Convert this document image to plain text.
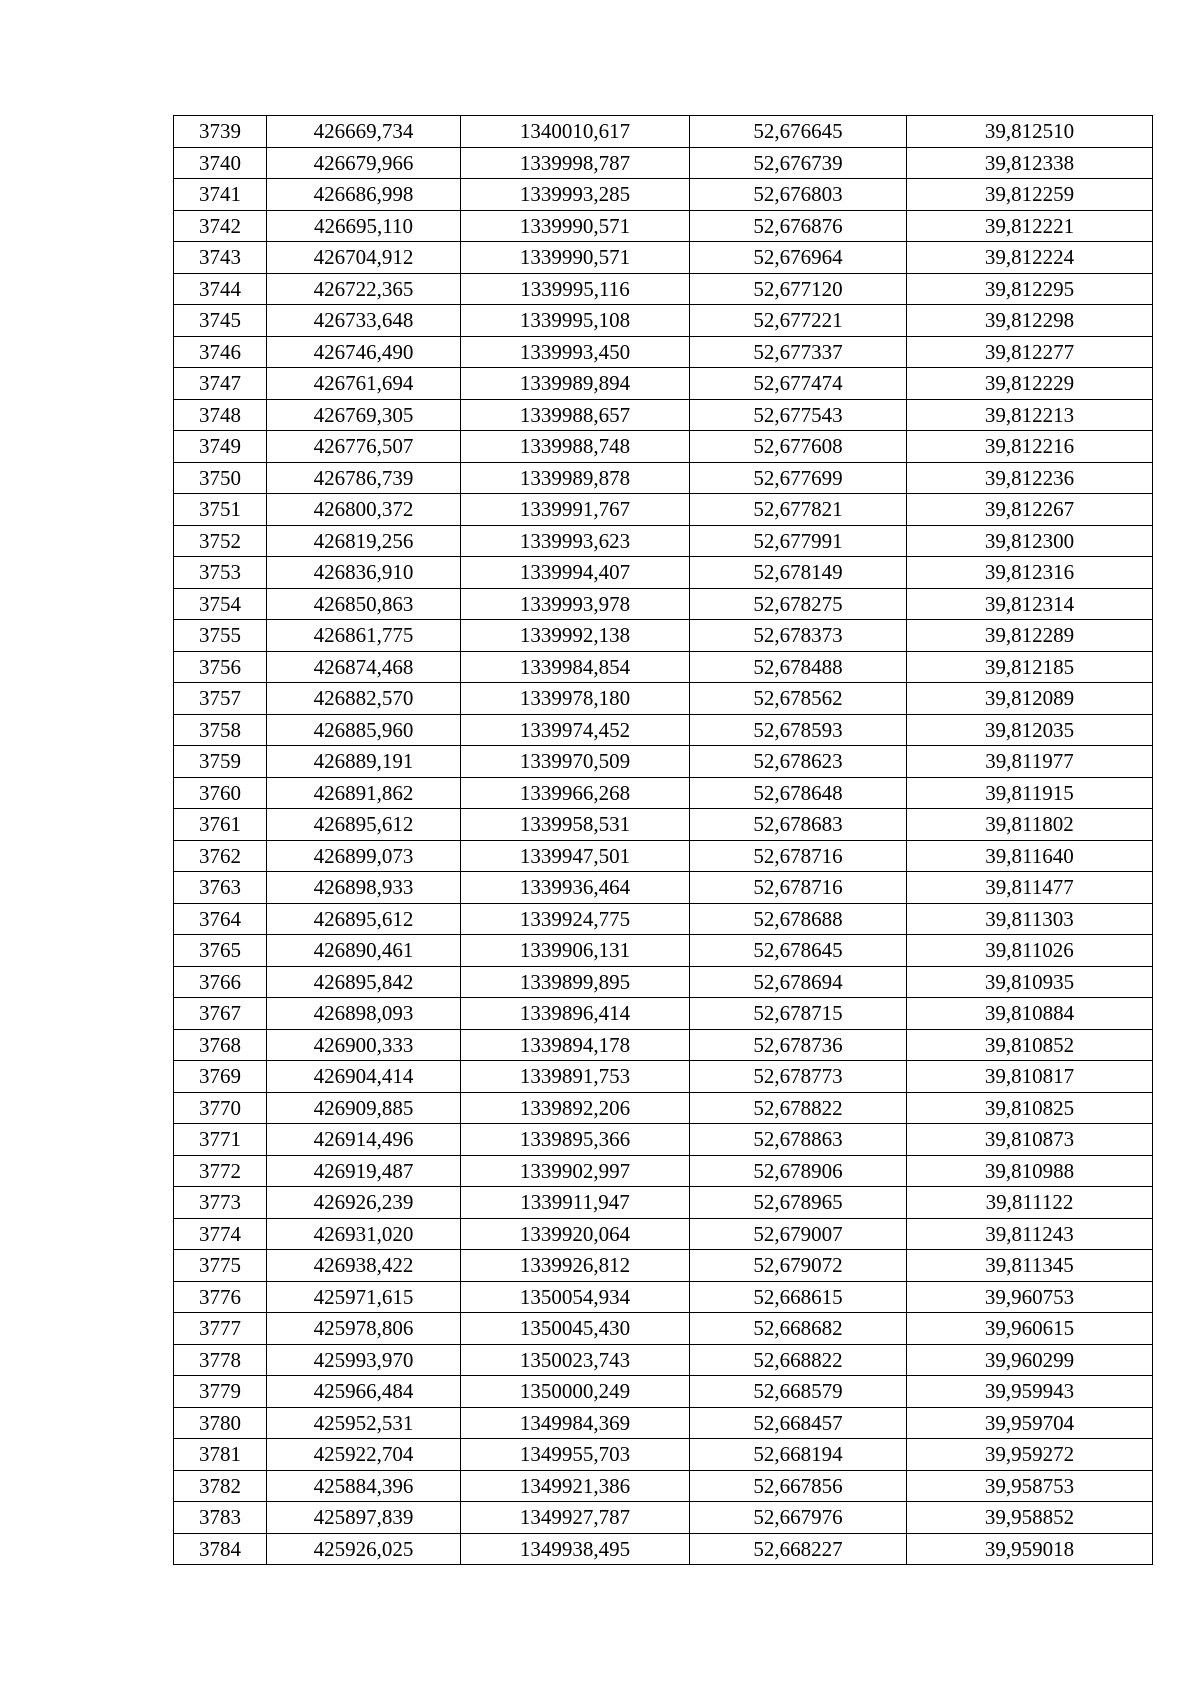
3739	426669,734	1340010,617	52,676645	39,812510
3740	426679,966	1339998,787	52,676739	39,812338
3741	426686,998	1339993,285	52,676803	39,812259
3742	426695,110	1339990,571	52,676876	39,812221
3743	426704,912	1339990,571	52,676964	39,812224
3744	426722,365	1339995,116	52,677120	39,812295
3745	426733,648	1339995,108	52,677221	39,812298
3746	426746,490	1339993,450	52,677337	39,812277
3747	426761,694	1339989,894	52,677474	39,812229
3748	426769,305	1339988,657	52,677543	39,812213
3749	426776,507	1339988,748	52,677608	39,812216
3750	426786,739	1339989,878	52,677699	39,812236
3751	426800,372	1339991,767	52,677821	39,812267
3752	426819,256	1339993,623	52,677991	39,812300
3753	426836,910	1339994,407	52,678149	39,812316
3754	426850,863	1339993,978	52,678275	39,812314
3755	426861,775	1339992,138	52,678373	39,812289
3756	426874,468	1339984,854	52,678488	39,812185
3757	426882,570	1339978,180	52,678562	39,812089
3758	426885,960	1339974,452	52,678593	39,812035
3759	426889,191	1339970,509	52,678623	39,811977
3760	426891,862	1339966,268	52,678648	39,811915
3761	426895,612	1339958,531	52,678683	39,811802
3762	426899,073	1339947,501	52,678716	39,811640
3763	426898,933	1339936,464	52,678716	39,811477
3764	426895,612	1339924,775	52,678688	39,811303
3765	426890,461	1339906,131	52,678645	39,811026
3766	426895,842	1339899,895	52,678694	39,810935
3767	426898,093	1339896,414	52,678715	39,810884
3768	426900,333	1339894,178	52,678736	39,810852
3769	426904,414	1339891,753	52,678773	39,810817
3770	426909,885	1339892,206	52,678822	39,810825
3771	426914,496	1339895,366	52,678863	39,810873
3772	426919,487	1339902,997	52,678906	39,810988
3773	426926,239	1339911,947	52,678965	39,811122
3774	426931,020	1339920,064	52,679007	39,811243
3775	426938,422	1339926,812	52,679072	39,811345
3776	425971,615	1350054,934	52,668615	39,960753
3777	425978,806	1350045,430	52,668682	39,960615
3778	425993,970	1350023,743	52,668822	39,960299
3779	425966,484	1350000,249	52,668579	39,959943
3780	425952,531	1349984,369	52,668457	39,959704
3781	425922,704	1349955,703	52,668194	39,959272
3782	425884,396	1349921,386	52,667856	39,958753
3783	425897,839	1349927,787	52,667976	39,958852
3784	425926,025	1349938,495	52,668227	39,959018
